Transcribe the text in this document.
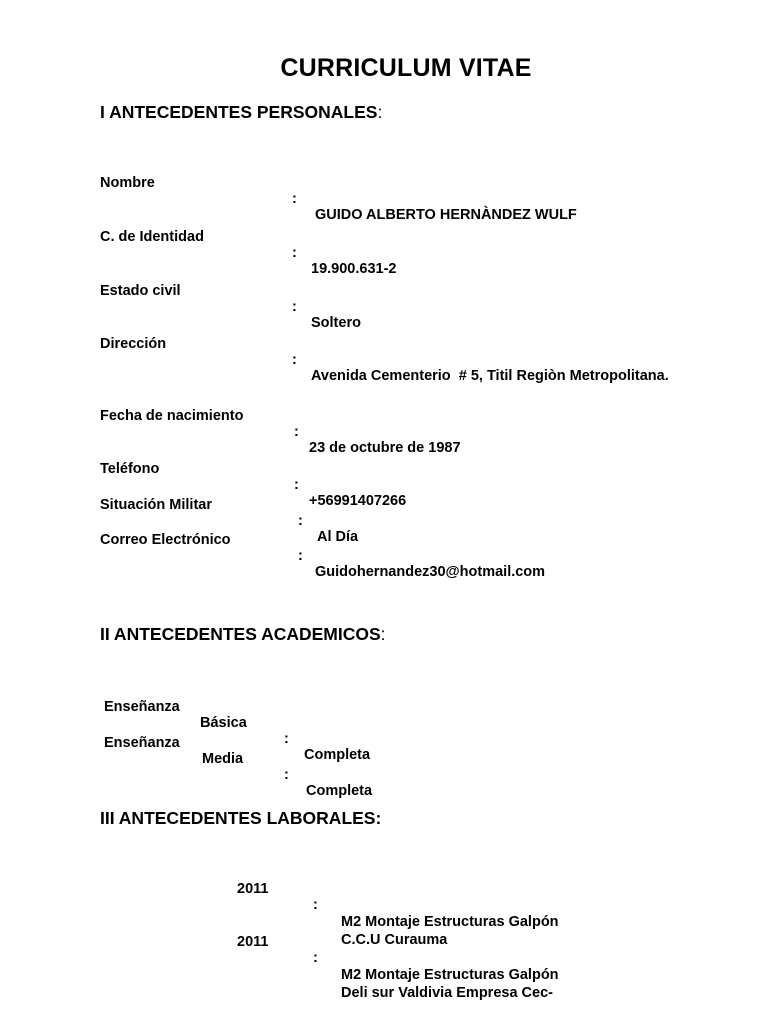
CURRICULUM VITAE
I ANTECEDENTES PERSONALES:

Nombre

:

GUIDO ALBERTO HERNÀNDEZ WULF

C. de Identidad

:

19.900.631-2

Estado civil

:

Soltero

Dirección

:

Avenida Cementerio  # 5, Titil Regiòn Metropolitana.

Fecha de nacimiento

:

23 de octubre de 1987

Teléfono

:

+56991407266

Situación Militar

:

Al Día

Correo Electrónico

:

Guidohernandez30@hotmail.com

II ANTECEDENTES ACADEMICOS:

Enseñanza

Básica

:

Completa

Enseñanza

Media

:

Completa

III ANTECEDENTES LABORALES:

2011

:

M2 Montaje Estructuras Galpón
C.C.U Curauma

2011

:

M2 Montaje Estructuras Galpón
Deli sur Valdivia Empresa Cec-
